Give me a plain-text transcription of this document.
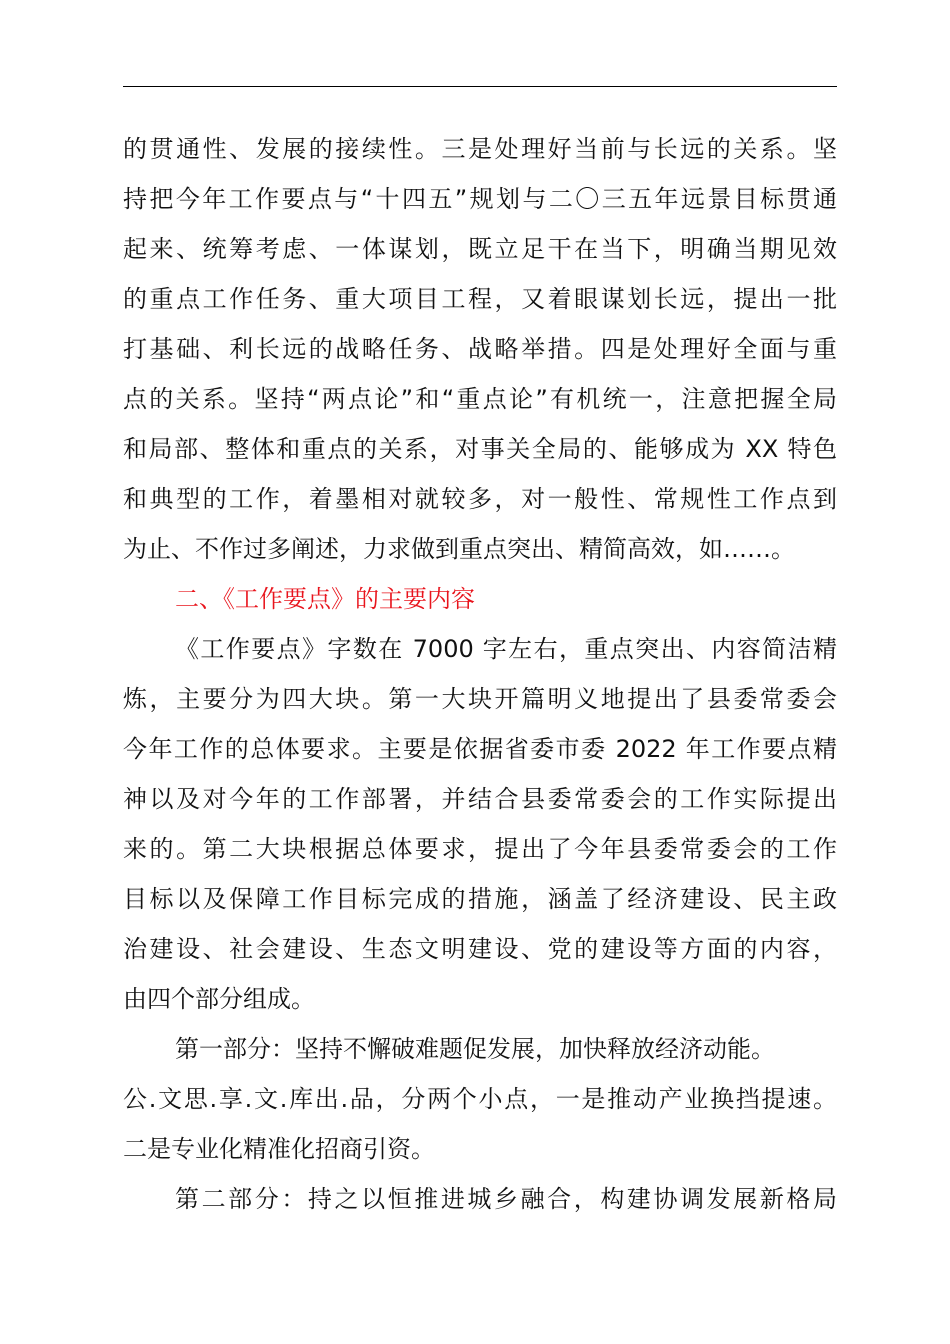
的贯通性、发展的接续性。三是处理好当前与长远的关系。坚
持把今年工作要点与“十四五”规划与二〇三五年远景目标贯通
起来、统筹考虑、一体谋划，既立足干在当下，明确当期见效
的重点工作任务、重大项目工程，又着眼谋划长远，提出一批
打基础、利长远的战略任务、战略举措。四是处理好全面与重
点的关系。坚持“两点论”和“重点论”有机统一，注意把握全局
和局部、整体和重点的关系，对事关全局的、能够成为 XX 特色
和典型的工作，着墨相对就较多，对一般性、常规性工作点到
为止、不作过多阐述，力求做到重点突出、精简高效，如……。
二、《工作要点》的主要内容
《工作要点》字数在 7000 字左右，重点突出、内容简洁精
炼，主要分为四大块。第一大块开篇明义地提出了县委常委会
今年工作的总体要求。主要是依据省委市委 2022 年工作要点精
神以及对今年的工作部署，并结合县委常委会的工作实际提出
来的。第二大块根据总体要求，提出了今年县委常委会的工作
目标以及保障工作目标完成的措施，涵盖了经济建设、民主政
治建设、社会建设、生态文明建设、党的建设等方面的内容，
由四个部分组成。
第一部分：坚持不懈破难题促发展，加快释放经济动能。
公.文思.享.文.库出.品，分两个小点，一是推动产业换挡提速。
二是专业化精准化招商引资。
第二部分：持之以恒推进城乡融合，构建协调发展新格局
